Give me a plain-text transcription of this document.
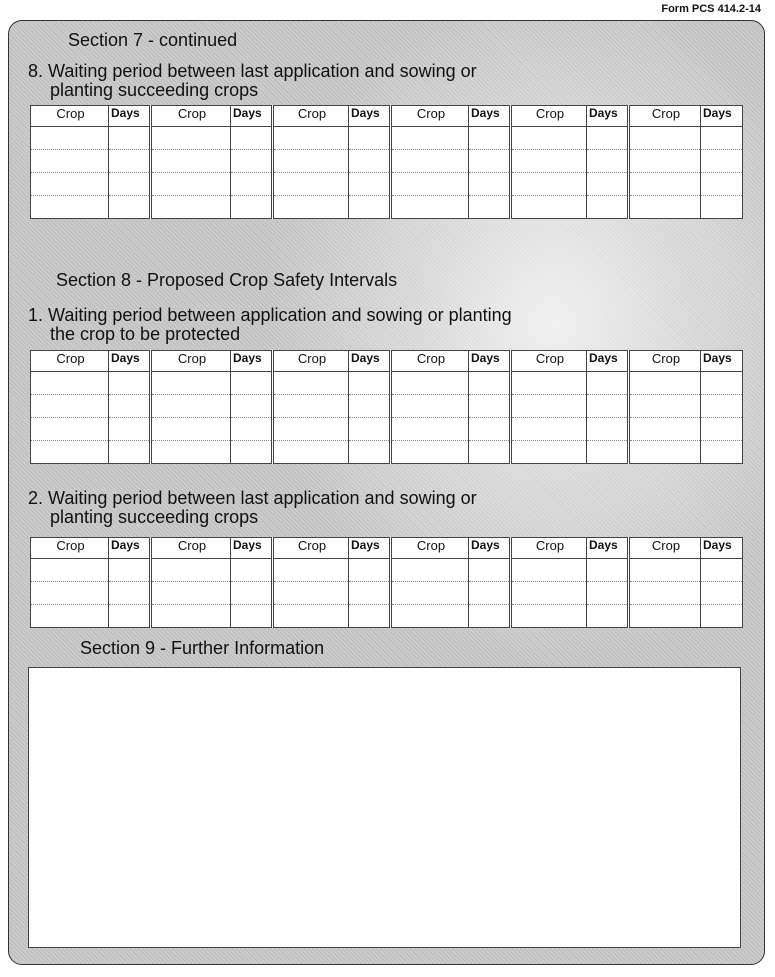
Form PCS 414.2-14
Section 7 - continued
8. Waiting period between last application and sowing or
planting succeeding crops
Crop	Days	Crop	Days	Crop	Days	Crop	Days	Crop	Days	Crop	Days

Section 8 - Proposed Crop Safety Intervals
1. Waiting period between application and sowing or planting
the crop to be protected
Crop	Days	Crop	Days	Crop	Days	Crop	Days	Crop	Days	Crop	Days

2. Waiting period between last application and sowing or
planting succeeding crops
Crop	Days	Crop	Days	Crop	Days	Crop	Days	Crop	Days	Crop	Days

Section 9 - Further Information
